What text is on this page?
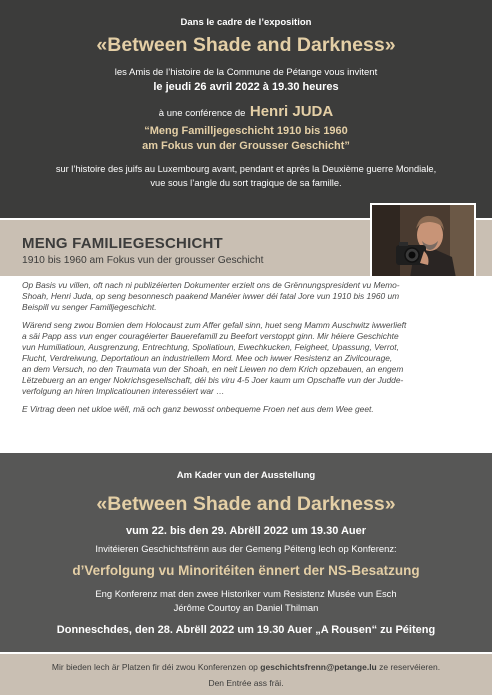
Dans le cadre de l’exposition
«Between Shade and Darkness»
les Amis de l’histoire de la Commune de Pétange vous invitent
le jeudi 26 avril 2022 à 19.30 heures
à une conférence de Henri JUDA
“Meng Familljegeschicht 1910 bis 1960
am Fokus vun der Grousser Geschicht”
sur l’histoire des juifs au Luxembourg avant, pendant et après la Deuxième guerre Mondiale,
vue sous l’angle du sort tragique de sa famille.
MENG FAMILIEGESCHICHT
1910 bis 1960 am Fokus vun der grousser Geschicht
Op Basis vu villen, oft nach ni publizéierten Dokumenter erzielt ons de Grënnungspresident vu Memo-
Shoah, Henri Juda, op seng besonnesch paakend Manéier iwwer déi fatal Jore vun 1910 bis 1960 um
Beispill vu senger Familljegeschicht.
Wärend seng zwou Bomien dem Holocaust zum Affer gefall sinn, huet seng Mamm Auschwitz iwwerlieft
a säi Papp ass vun enger couragéierter Bauerefamill zu Beefort verstoppt ginn. Mir héiere Geschichte
vun Humiliatioun, Ausgrenzung, Entrechtung, Spoliatioun, Ewechkucken, Feigheet, Upassung, Verrot,
Flucht, Verdreiwung, Deportatioun an industriellem Mord. Mee och iwwer Resistenz an Zivilcourage,
an dem Versuch, no den Traumata vun der Shoah, en neit Liewen no dem Krich opzebauen, an engem
Lëtzebuerg an an enger Nokrichsgesellschaft, déi bis viru 4-5 Joer kaum um Opschaffe vun der Judde-
verfolgung an hiren Implicatiounen interesséiert war …
E Virtrag deen net ukloe wëll, mä och ganz bewosst onbequeme Froen net aus dem Wee geet.
Am Kader vun der Ausstellung
«Between Shade and Darkness»
vum 22. bis den 29. Abrëll 2022 um 19.30 Auer
Invitéieren Geschichtsfrënn aus der Gemeng Péiteng lech op Konferenz:
d’Verfolgung vu Minoritéiten ënnert der NS-Besatzung
Eng Konferenz mat den zwee Historiker vum Resistenz Musée vun Esch
Jérôme Courtoy an Daniel Thilman
Donneschdes, den 28. Abrëll 2022 um 19.30 Auer „A Rousen“ zu Péiteng
Mir bieden lech är Platzen fir déi zwou Konferenzen op geschichtsfrenn@petange.lu ze reservéieren.
Den Entrée ass fräi.
